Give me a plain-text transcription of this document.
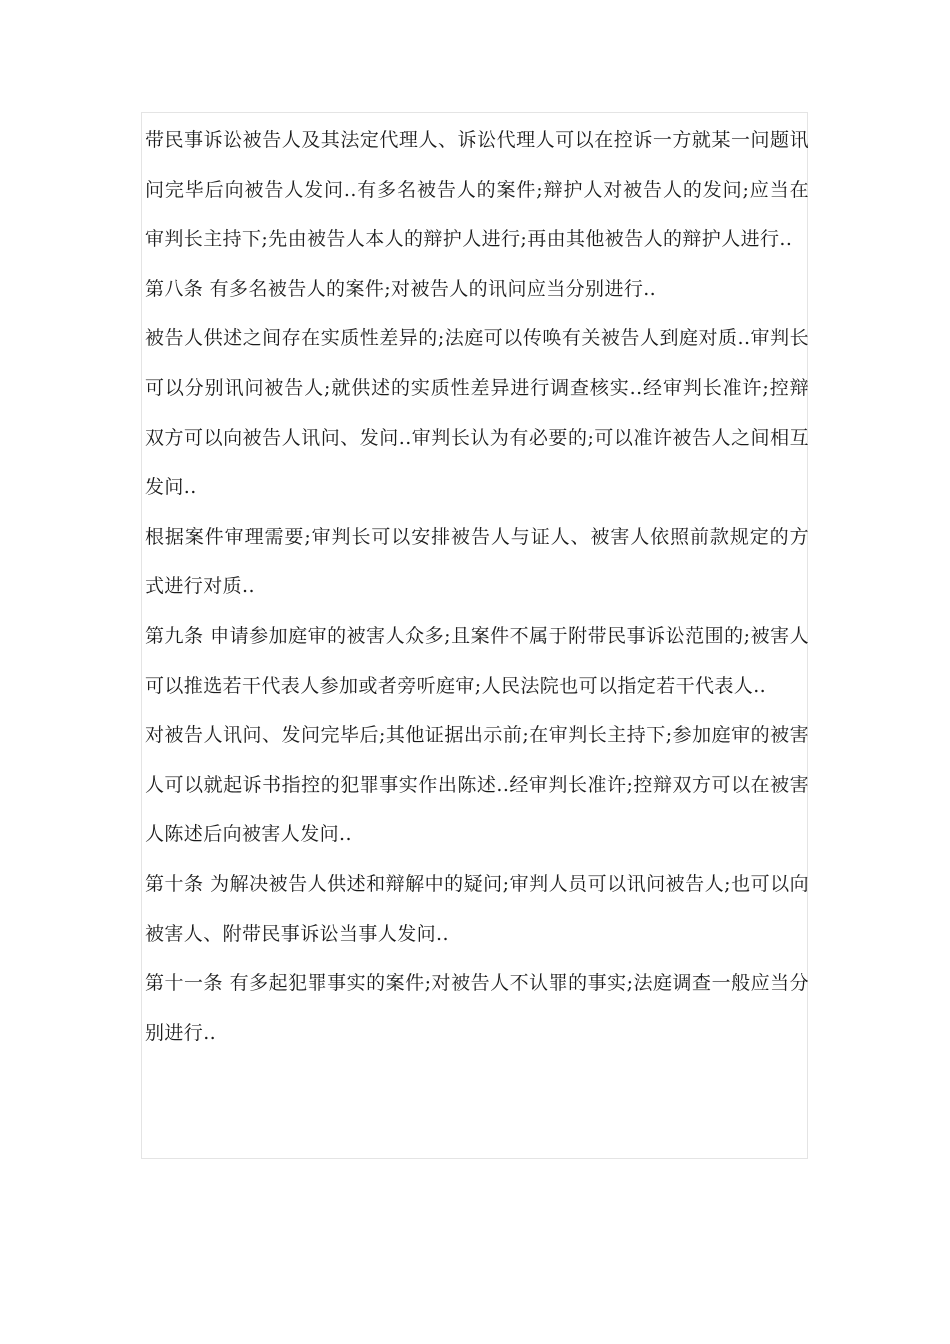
带民事诉讼被告人及其法定代理人、诉讼代理人可以在控诉一方就某一问题讯问完毕后向被告人发问..有多名被告人的案件;辩护人对被告人的发问;应当在审判长主持下;先由被告人本人的辩护人进行;再由其他被告人的辩护人进行..

第八条 有多名被告人的案件;对被告人的讯问应当分别进行..

被告人供述之间存在实质性差异的;法庭可以传唤有关被告人到庭对质..审判长可以分别讯问被告人;就供述的实质性差异进行调查核实..经审判长准许;控辩双方可以向被告人讯问、发问..审判长认为有必要的;可以准许被告人之间相互发问..

根据案件审理需要;审判长可以安排被告人与证人、被害人依照前款规定的方式进行对质..

第九条 申请参加庭审的被害人众多;且案件不属于附带民事诉讼范围的;被害人可以推选若干代表人参加或者旁听庭审;人民法院也可以指定若干代表人..

对被告人讯问、发问完毕后;其他证据出示前;在审判长主持下;参加庭审的被害人可以就起诉书指控的犯罪事实作出陈述..经审判长准许;控辩双方可以在被害人陈述后向被害人发问..

第十条 为解决被告人供述和辩解中的疑问;审判人员可以讯问被告人;也可以向被害人、附带民事诉讼当事人发问..

第十一条 有多起犯罪事实的案件;对被告人不认罪的事实;法庭调查一般应当分别进行..
